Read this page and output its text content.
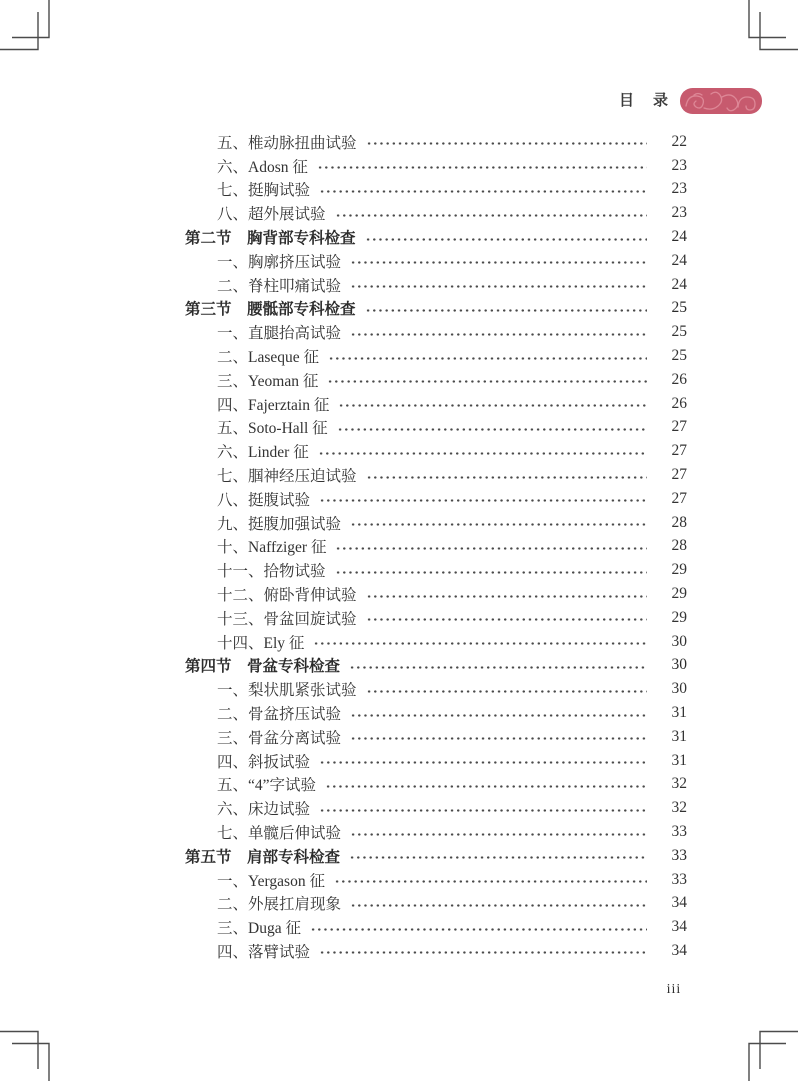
目　录
五、椎动脉扭曲试验	22
六、Adosn 征	23
七、挺胸试验	23
八、超外展试验	23
第二节　胸背部专科检查	24
一、胸廓挤压试验	24
二、脊柱叩痛试验	24
第三节　腰骶部专科检查	25
一、直腿抬高试验	25
二、Laseque 征	25
三、Yeoman 征	26
四、Fajerztain 征	26
五、Soto-Hall 征	27
六、Linder 征	27
七、腘神经压迫试验	27
八、挺腹试验	27
九、挺腹加强试验	28
十、Naffziger 征	28
十一、拾物试验	29
十二、俯卧背伸试验	29
十三、骨盆回旋试验	29
十四、Ely 征	30
第四节　骨盆专科检查	30
一、梨状肌紧张试验	30
二、骨盆挤压试验	31
三、骨盆分离试验	31
四、斜扳试验	31
五、“4”字试验	32
六、床边试验	32
七、单髋后伸试验	33
第五节　肩部专科检查	33
一、Yergason 征	33
二、外展扛肩现象	34
三、Duga 征	34
四、落臂试验	34
iii
